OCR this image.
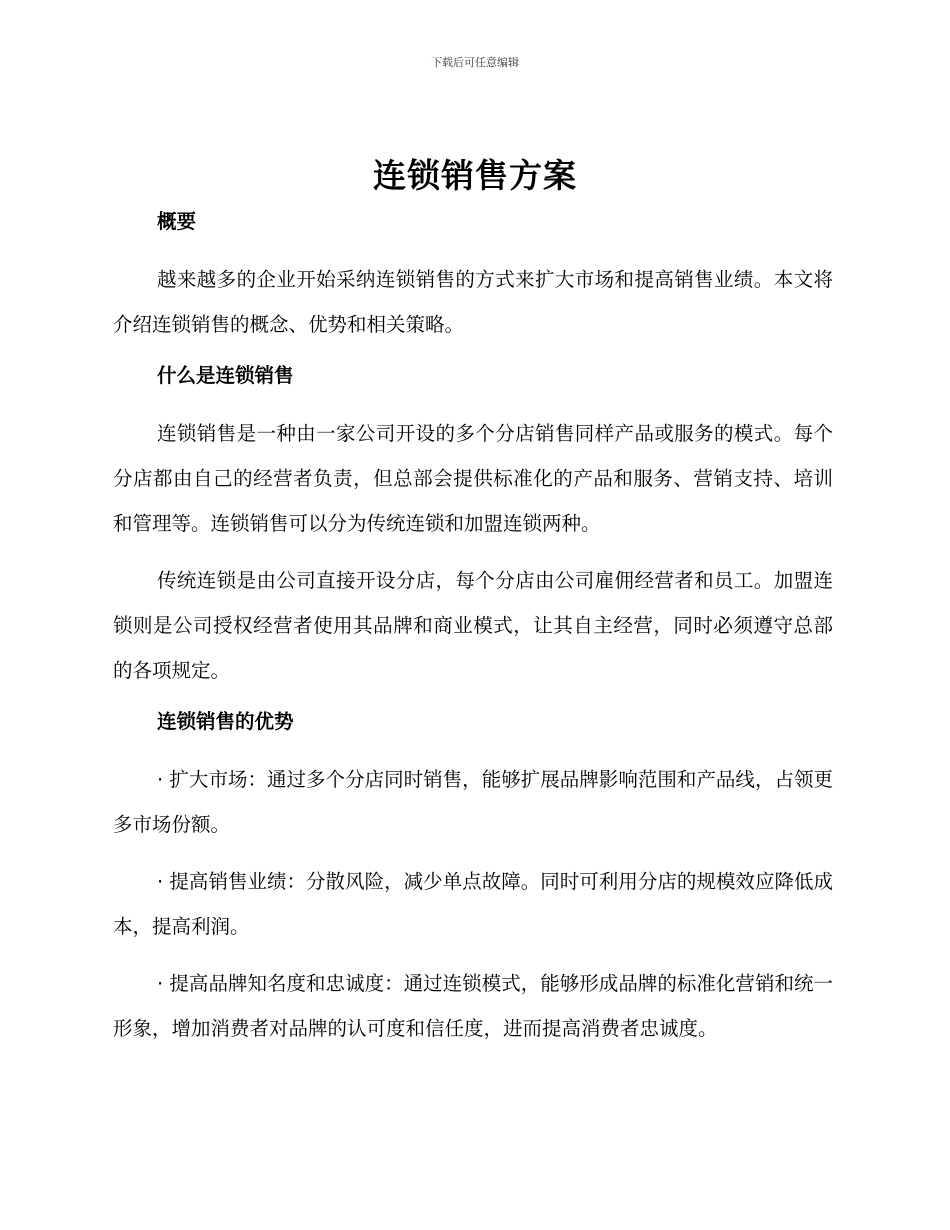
下载后可任意编辑
连锁销售方案
概要

越来越多的企业开始采纳连锁销售的方式来扩大市场和提高销售业绩。本文将介绍连锁销售的概念、优势和相关策略。

什么是连锁销售

连锁销售是一种由一家公司开设的多个分店销售同样产品或服务的模式。每个分店都由自己的经营者负责，但总部会提供标准化的产品和服务、营销支持、培训和管理等。连锁销售可以分为传统连锁和加盟连锁两种。

传统连锁是由公司直接开设分店，每个分店由公司雇佣经营者和员工。加盟连锁则是公司授权经营者使用其品牌和商业模式，让其自主经营，同时必须遵守总部的各项规定。

连锁销售的优势

· 扩大市场：通过多个分店同时销售，能够扩展品牌影响范围和产品线，占领更多市场份额。

· 提高销售业绩：分散风险，减少单点故障。同时可利用分店的规模效应降低成本，提高利润。

· 提高品牌知名度和忠诚度：通过连锁模式，能够形成品牌的标准化营销和统一形象，增加消费者对品牌的认可度和信任度，进而提高消费者忠诚度。
